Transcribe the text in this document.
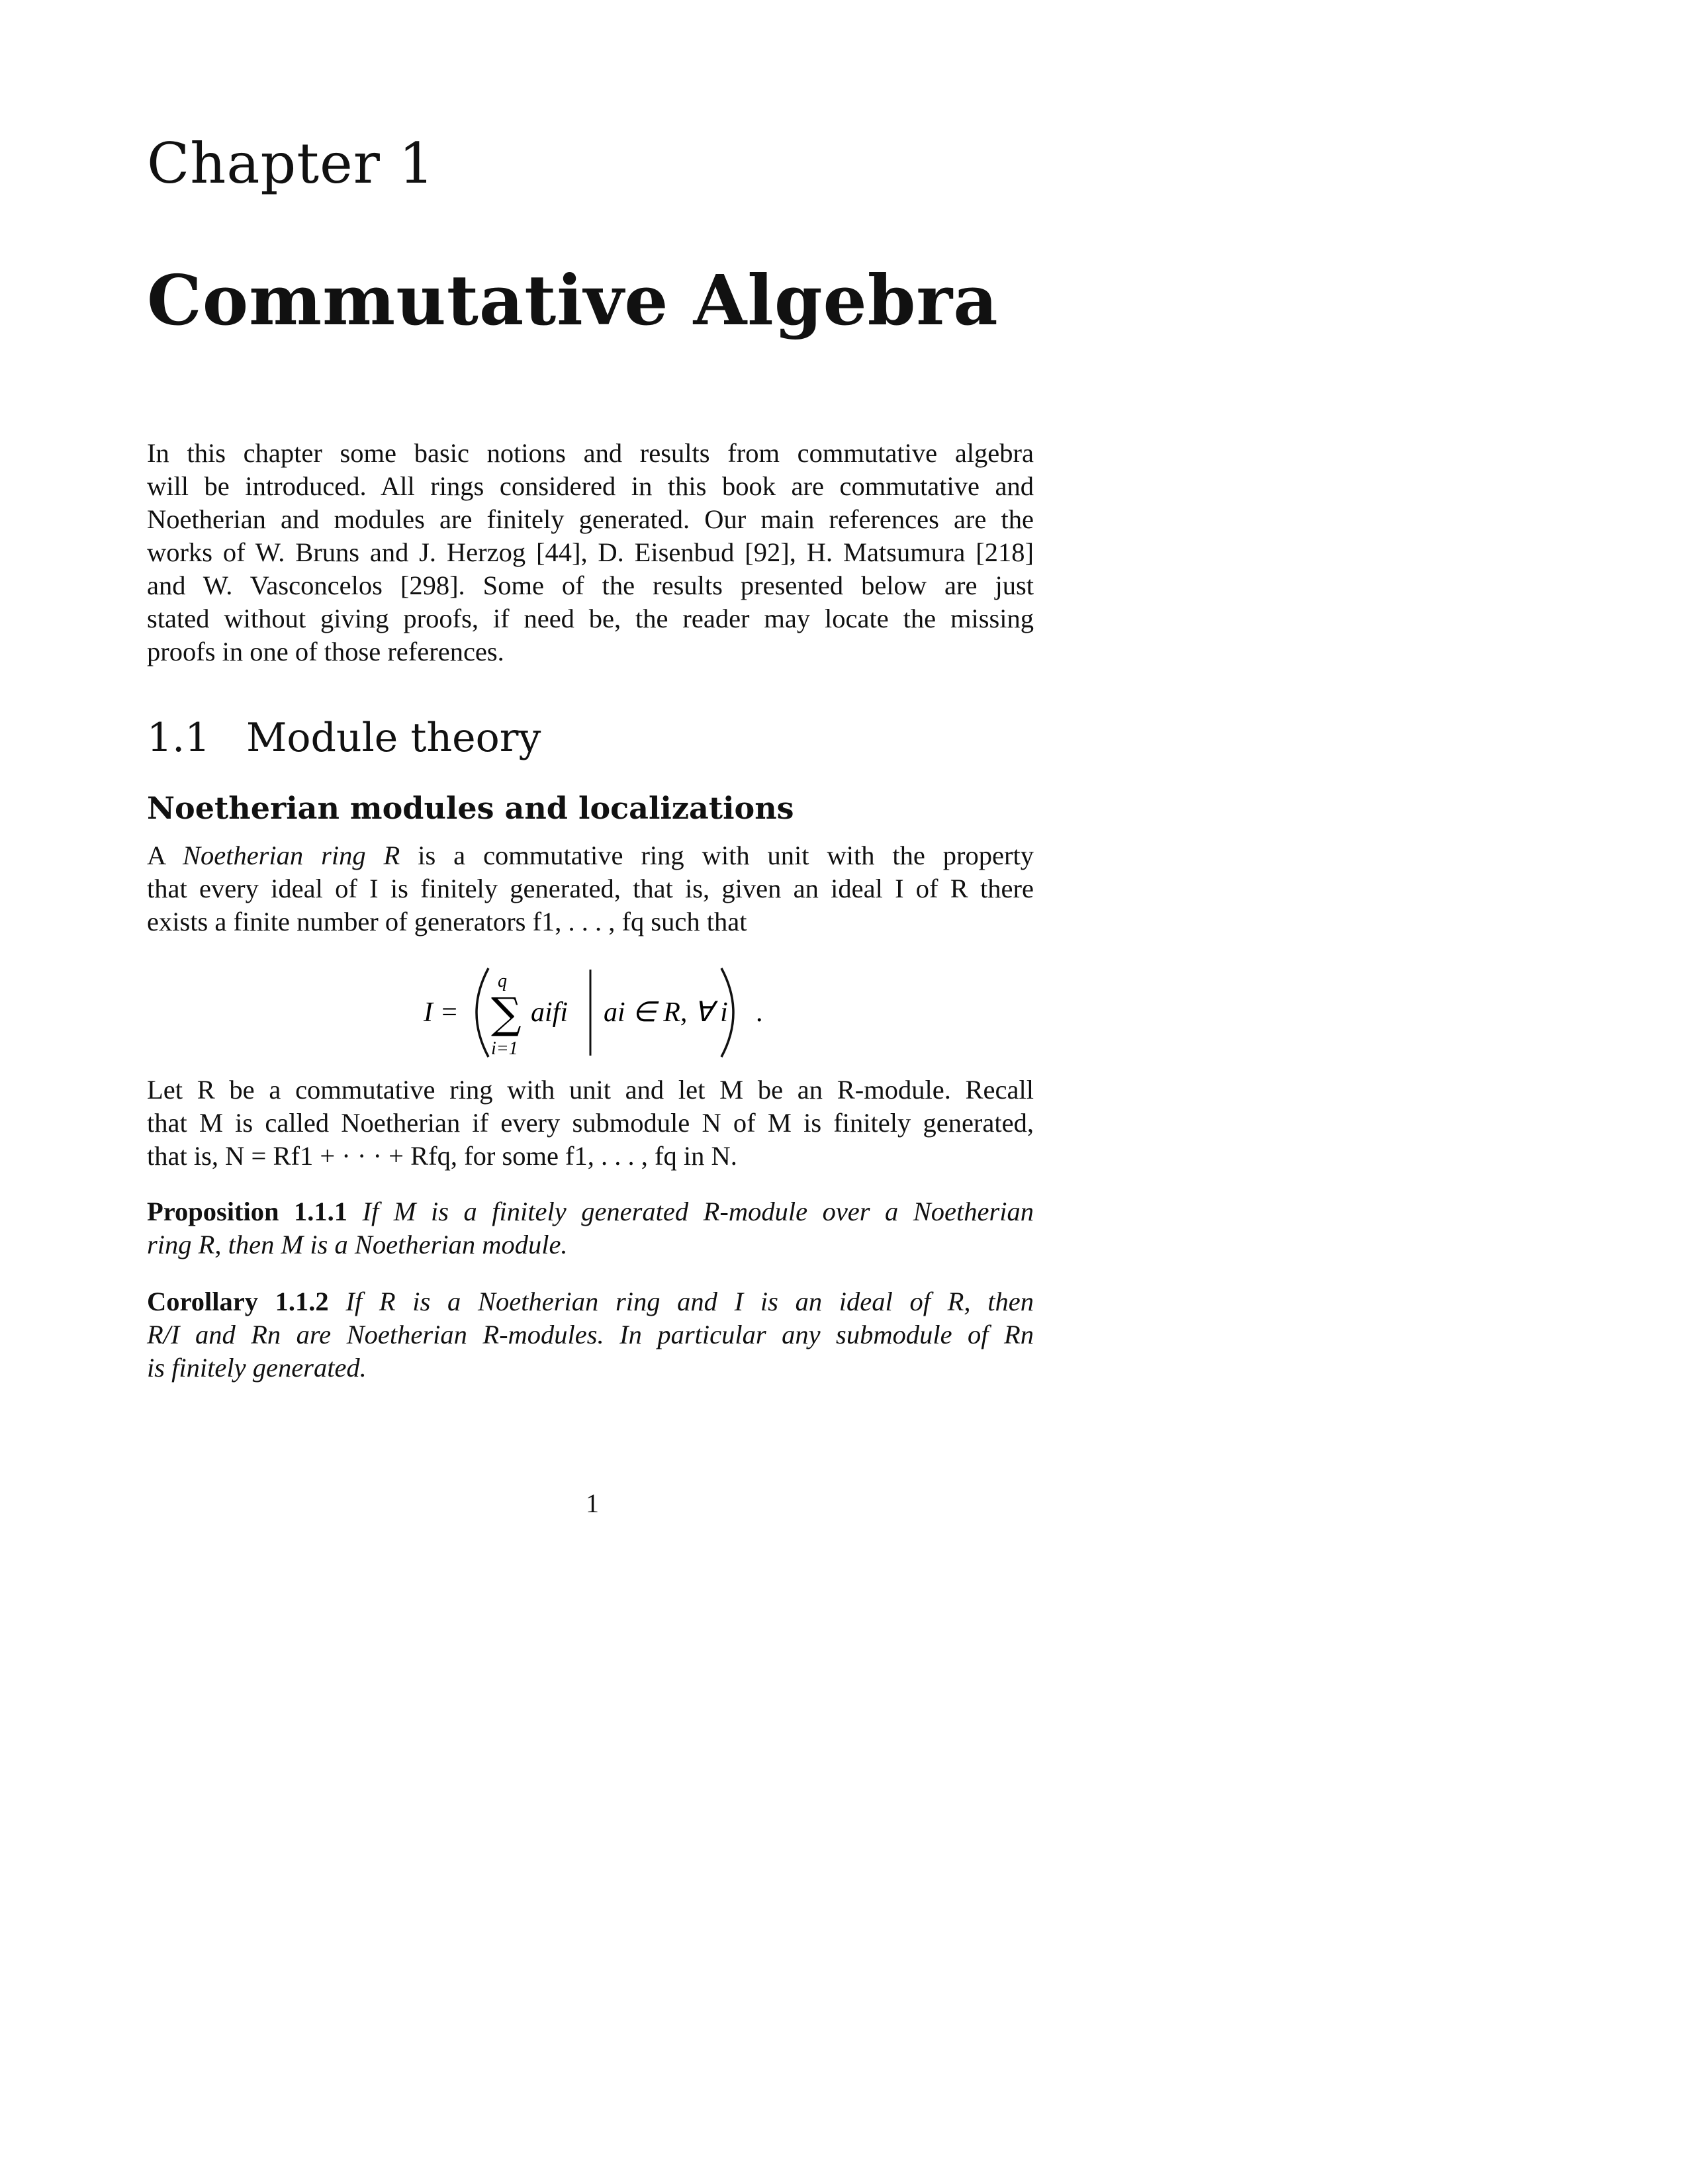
Chapter 1
Commutative Algebra
In this chapter some basic notions and results from commutative algebra
will be introduced. All rings considered in this book are commutative and
Noetherian and modules are finitely generated. Our main references are the
works of W. Bruns and J. Herzog [44], D. Eisenbud [92], H. Matsumura [218]
and W. Vasconcelos [298]. Some of the results presented below are just
stated without giving proofs, if need be, the reader may locate the missing
proofs in one of those references.
1.1 Module theory
Noetherian modules and localizations
A Noetherian ring R is a commutative ring with unit with the property
that every ideal of I is finitely generated, that is, given an ideal I of R there
exists a finite number of generators f1, . . . , fq such that
I =
q
∑
i=1
aifi ai ∈ R, ∀ i .
Let R be a commutative ring with unit and let M be an R-module. Recall
that M is called Noetherian if every submodule N of M is finitely generated,
that is, N = Rf1 + · · · + Rfq, for some f1, . . . , fq in N.
Proposition 1.1.1 If M is a finitely generated R-module over a Noetherian
ring R, then M is a Noetherian module.
Corollary 1.1.2 If R is a Noetherian ring and I is an ideal of R, then
R/I and Rn are Noetherian R-modules. In particular any submodule of Rn
is finitely generated.
1
